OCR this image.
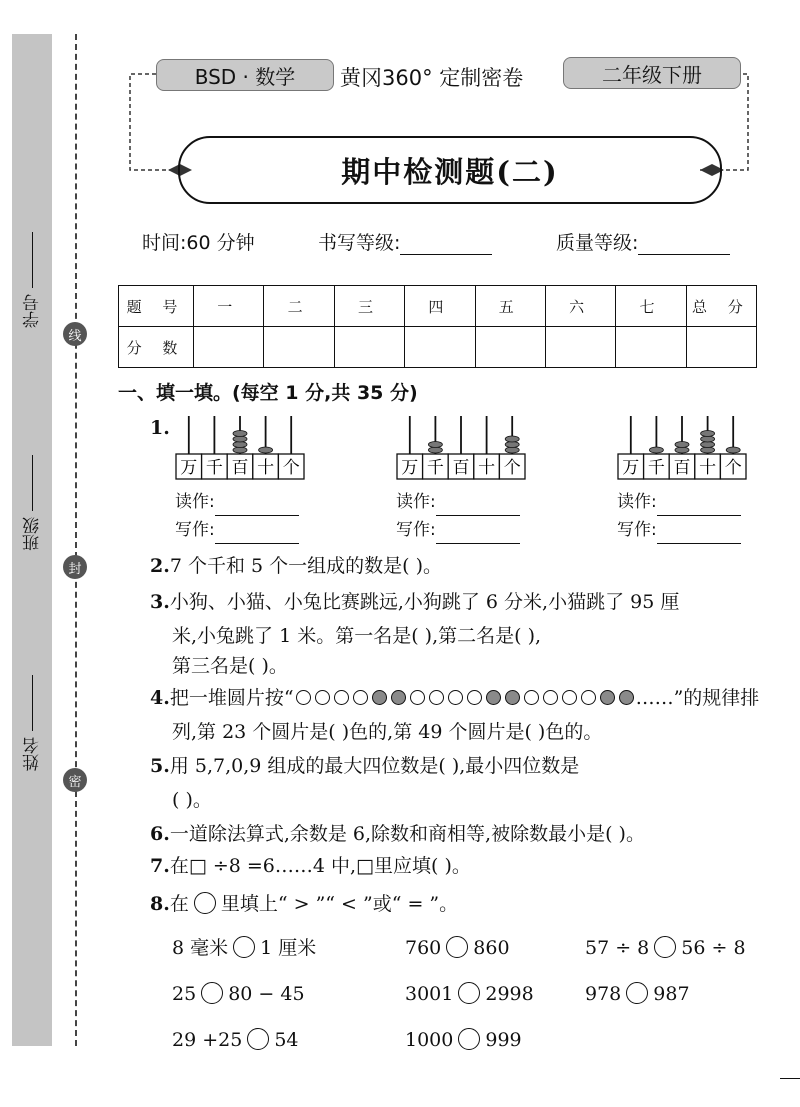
学号
班级
姓名
线
封
密
BSD · 数学	黄冈360° 定制密卷	二年级下册
期中检测题(二)
时间:60 分钟	书写等级:	质量等级:
题 号	一	二	三	四	五	六	七	总 分
分 数								
一、填一填。(每空 1 分,共 35 分)
1.
万 千 百 十 个	万 千 百 十 个	万 千 百 十 个
读作:
写作:
读作:
写作:
读作:
写作:
2.7 个千和 5 个一组成的数是( )。
3.小狗、小猫、小兔比赛跳远,小狗跳了 6 分米,小猫跳了 95 厘
米,小兔跳了 1 米。第一名是( ),第二名是( ),
第三名是( )。
4.把一堆圆片按“	……”的规律排
列,第 23 个圆片是( )色的,第 49 个圆片是( )色的。
5.用 5,7,0,9 组成的最大四位数是( ),最小四位数是
( )。
6.一道除法算式,余数是 6,除数和商相等,被除数最小是( )。
7.在□ ÷8 =6……4 中,□里应填( )。
8.在 里填上“ > ”“ < ”或“ = ”。
8 毫米 1 厘米	760 860	57 ÷ 8 56 ÷ 8
25 80 − 45	3001 2998	978 987
29 +25 54	1000 999
